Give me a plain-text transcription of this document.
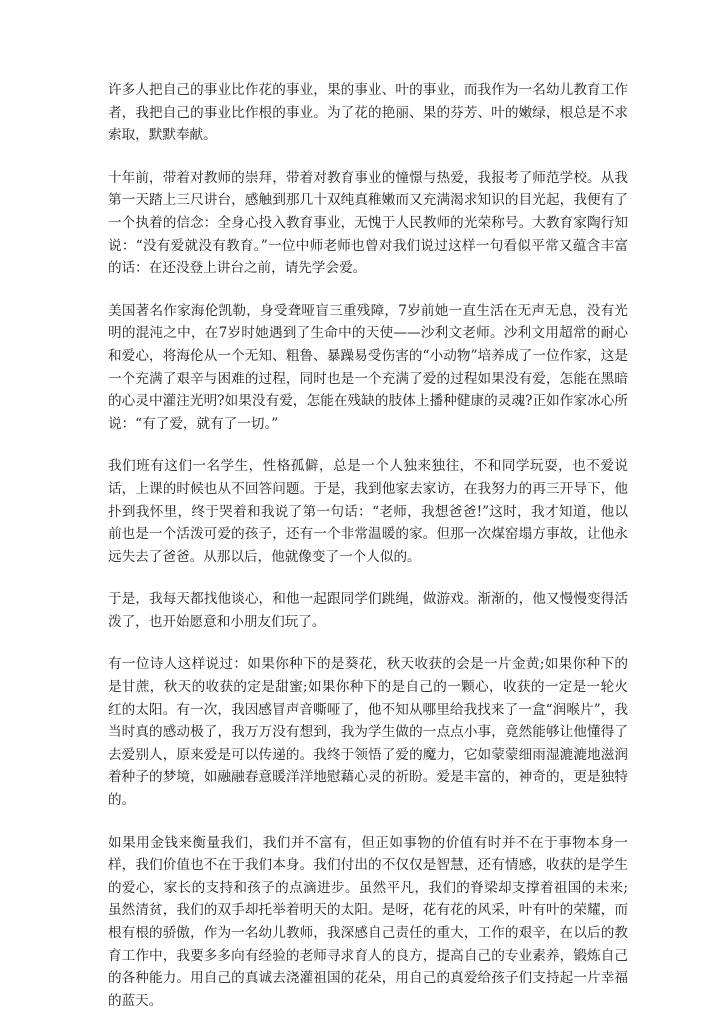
许多人把自己的事业比作花的事业，果的事业、叶的事业，而我作为一名幼儿教育工作者，我把自己的事业比作根的事业。为了花的艳丽、果的芬芳、叶的嫩绿，根总是不求索取，默默奉献。

十年前，带着对教师的崇拜，带着对教育事业的憧憬与热爱，我报考了师范学校。从我第一天踏上三尺讲台，感触到那几十双纯真稚嫩而又充满渴求知识的目光起，我便有了一个执着的信念：全身心投入教育事业，无愧于人民教师的光荣称号。大教育家陶行知说：“没有爱就没有教育。”一位中师老师也曾对我们说过这样一句看似平常又蕴含丰富的话：在还没登上讲台之前，请先学会爱。

美国著名作家海伦凯勒，身受聋哑盲三重残障，7岁前她一直生活在无声无息，没有光明的混沌之中，在7岁时她遇到了生命中的天使——沙利文老师。沙利文用超常的耐心和爱心，将海伦从一个无知、粗鲁、暴躁易受伤害的“小动物”培养成了一位作家，这是一个充满了艰辛与困难的过程，同时也是一个充满了爱的过程如果没有爱，怎能在黑暗的心灵中灌注光明?如果没有爱，怎能在残缺的肢体上播种健康的灵魂?正如作家冰心所说：“有了爱，就有了一切。”

我们班有这们一名学生，性格孤僻，总是一个人独来独往，不和同学玩耍，也不爱说话，上课的时候也从不回答问题。于是，我到他家去家访，在我努力的再三开导下，他扑到我怀里，终于哭着和我说了第一句话：“老师，我想爸爸!”这时，我才知道，他以前也是一个活泼可爱的孩子，还有一个非常温暖的家。但那一次煤窑塌方事故，让他永远失去了爸爸。从那以后，他就像变了一个人似的。

于是，我每天都找他谈心，和他一起跟同学们跳绳，做游戏。渐渐的，他又慢慢变得活泼了，也开始愿意和小朋友们玩了。

有一位诗人这样说过：如果你种下的是葵花，秋天收获的会是一片金黄;如果你种下的是甘蔗，秋天的收获的定是甜蜜;如果你种下的是自己的一颗心，收获的一定是一轮火红的太阳。有一次，我因感冒声音嘶哑了，他不知从哪里给我找来了一盒“润喉片”，我当时真的感动极了，我万万没有想到，我为学生做的一点点小事，竟然能够让他懂得了去爱别人，原来爱是可以传递的。我终于领悟了爱的魔力，它如蒙蒙细雨湿漉漉地滋润着种子的梦境，如融融春意暖洋洋地慰藉心灵的祈盼。爱是丰富的，神奇的，更是独特的。

如果用金钱来衡量我们，我们并不富有，但正如事物的价值有时并不在于事物本身一样，我们价值也不在于我们本身。我们付出的不仅仅是智慧，还有情感，收获的是学生的爱心，家长的支持和孩子的点滴进步。虽然平凡，我们的脊梁却支撑着祖国的未来;虽然清贫，我们的双手却托举着明天的太阳。是呀，花有花的风采，叶有叶的荣耀，而根有根的骄傲，作为一名幼儿教师，我深感自己责任的重大，工作的艰辛，在以后的教育工作中，我要多多向有经验的老师寻求育人的良方，提高自己的专业素养，锻炼自己的各种能力。用自己的真诚去浇灌祖国的花朵，用自己的真爱给孩子们支持起一片幸福的蓝天。
